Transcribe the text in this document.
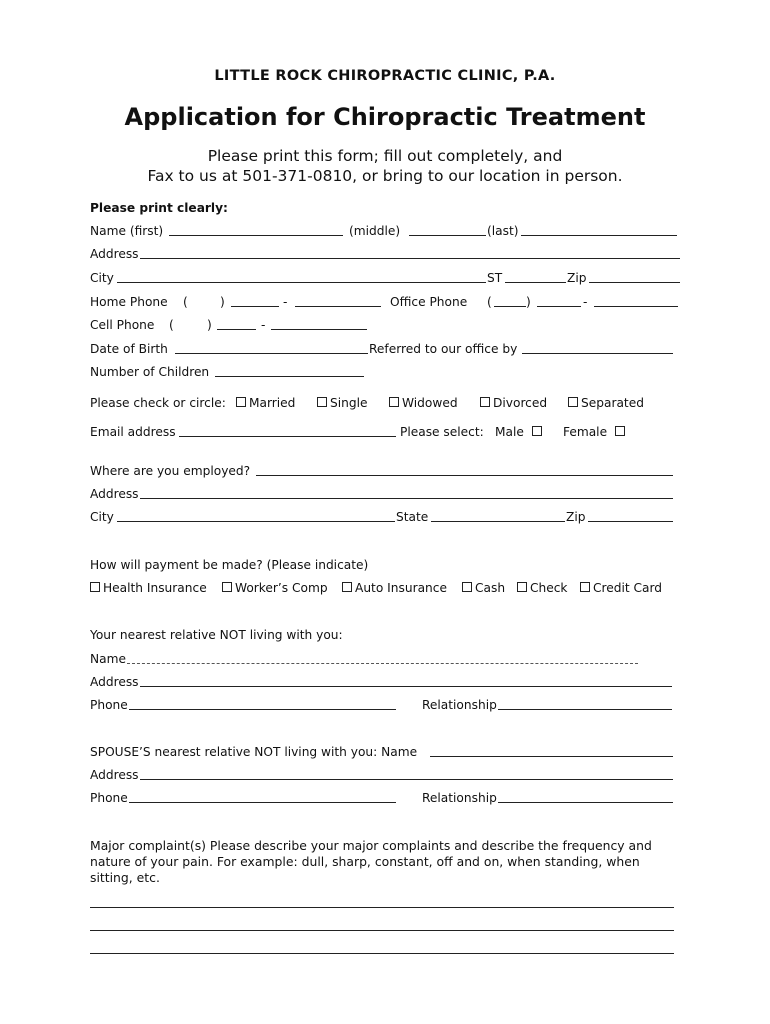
LITTLE ROCK CHIROPRACTIC CLINIC, P.A.
Application for Chiropractic Treatment
Please print this form; fill out completely, and
Fax to us at 501-371-0810, or bring to our location in person.
Please print clearly:
Name (first)	(middle)	(last)
Address
City	ST	Zip
Home Phone (	)	-	Office Phone (	)	-
Cell Phone (	)	-
Date of Birth	Referred to our office by
Number of Children
Please check or circle:	Married	Single	Widowed	Divorced	Separated
Email address	Please select: Male	Female
Where are you employed?
Address
City	State	Zip
How will payment be made? (Please indicate)
Health Insurance	Worker’s Comp	Auto Insurance	Cash	Check	Credit Card
Your nearest relative NOT living with you:
Name
Address
Phone	Relationship
SPOUSE’S nearest relative NOT living with you: Name
Address
Phone	Relationship
Major complaint(s) Please describe your major complaints and describe the frequency and nature of your pain. For example: dull, sharp, constant, off and on, when standing, when sitting, etc.
